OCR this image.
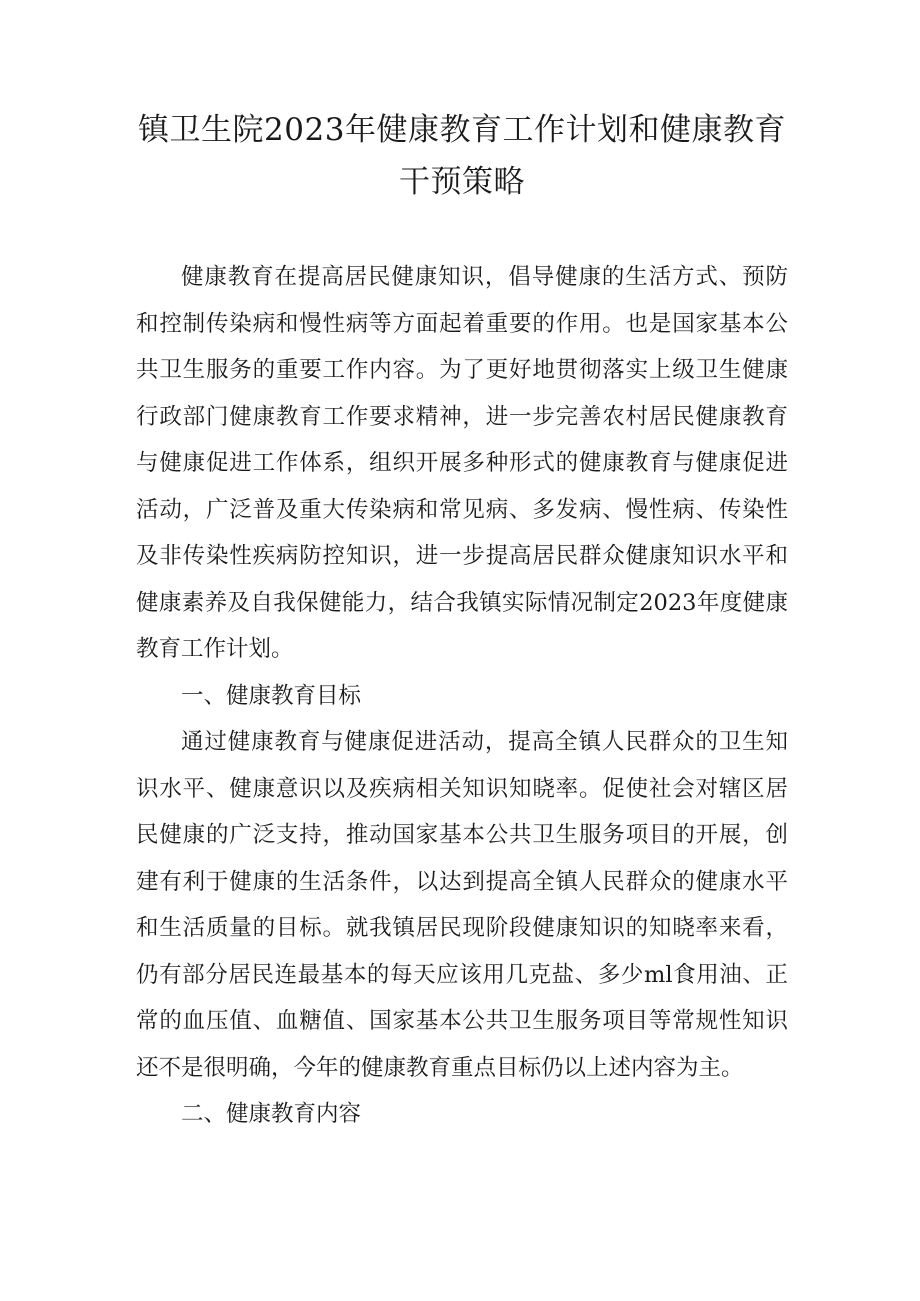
镇卫生院2023年健康教育工作计划和健康教育
干预策略

健康教育在提高居民健康知识，倡导健康的生活方式、预防和控制传染病和慢性病等方面起着重要的作用。也是国家基本公共卫生服务的重要工作内容。为了更好地贯彻落实上级卫生健康行政部门健康教育工作要求精神，进一步完善农村居民健康教育与健康促进工作体系，组织开展多种形式的健康教育与健康促进活动，广泛普及重大传染病和常见病、多发病、慢性病、传染性及非传染性疾病防控知识，进一步提高居民群众健康知识水平和健康素养及自我保健能力，结合我镇实际情况制定2023年度健康教育工作计划。

一、健康教育目标

通过健康教育与健康促进活动，提高全镇人民群众的卫生知识水平、健康意识以及疾病相关知识知晓率。促使社会对辖区居民健康的广泛支持，推动国家基本公共卫生服务项目的开展，创建有利于健康的生活条件，以达到提高全镇人民群众的健康水平和生活质量的目标。就我镇居民现阶段健康知识的知晓率来看，仍有部分居民连最基本的每天应该用几克盐、多少ml食用油、正常的血压值、血糖值、国家基本公共卫生服务项目等常规性知识还不是很明确，今年的健康教育重点目标仍以上述内容为主。

二、健康教育内容
